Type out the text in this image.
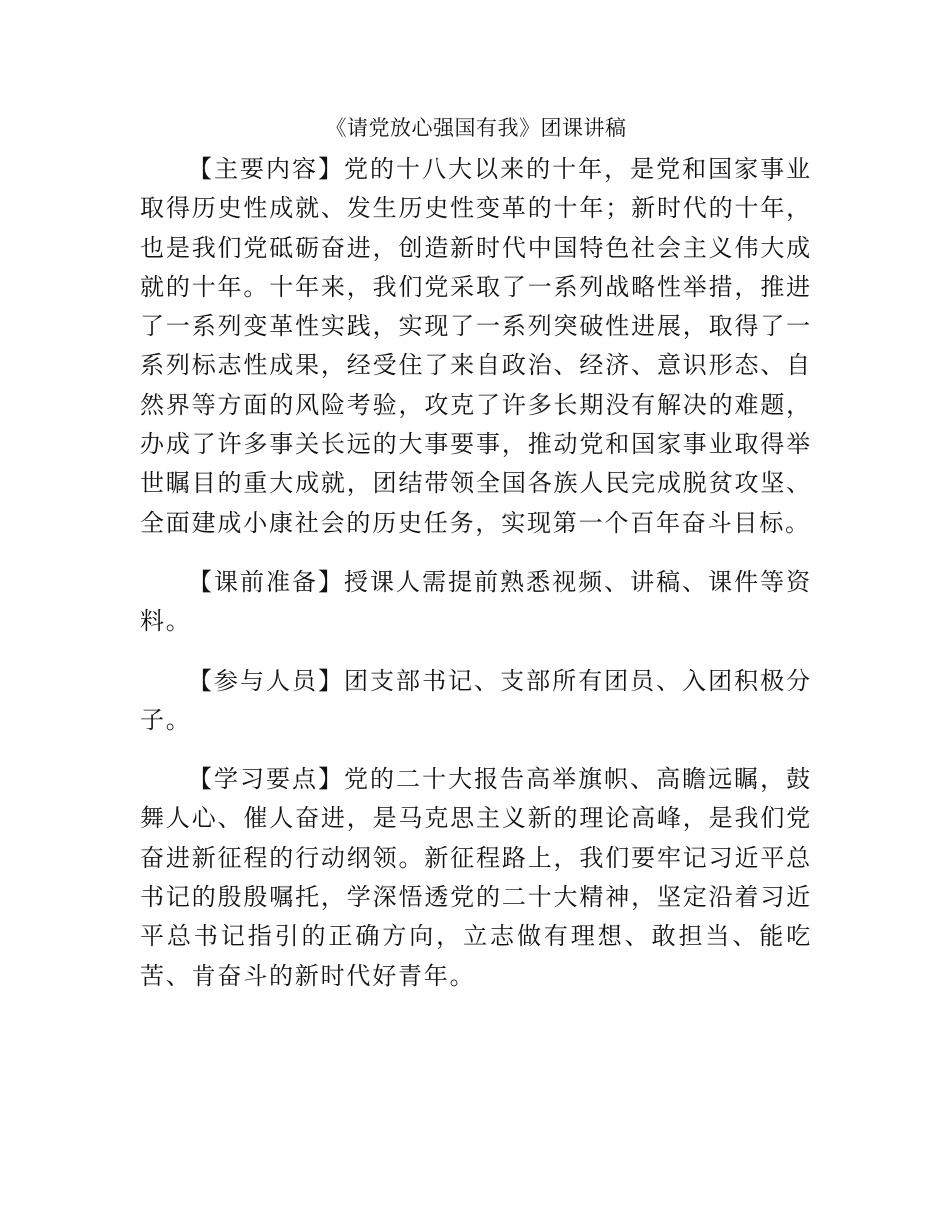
《请党放心强国有我》团课讲稿

【主要内容】党的十八大以来的十年，是党和国家事业取得历史性成就、发生历史性变革的十年；新时代的十年，也是我们党砥砺奋进，创造新时代中国特色社会主义伟大成就的十年。十年来，我们党采取了一系列战略性举措，推进了一系列变革性实践，实现了一系列突破性进展，取得了一系列标志性成果，经受住了来自政治、经济、意识形态、自然界等方面的风险考验，攻克了许多长期没有解决的难题，办成了许多事关长远的大事要事，推动党和国家事业取得举世瞩目的重大成就，团结带领全国各族人民完成脱贫攻坚、全面建成小康社会的历史任务，实现第一个百年奋斗目标。

【课前准备】授课人需提前熟悉视频、讲稿、课件等资料。

【参与人员】团支部书记、支部所有团员、入团积极分子。

【学习要点】党的二十大报告高举旗帜、高瞻远瞩，鼓舞人心、催人奋进，是马克思主义新的理论高峰，是我们党奋进新征程的行动纲领。新征程路上，我们要牢记习近平总书记的殷殷嘱托，学深悟透党的二十大精神，坚定沿着习近平总书记指引的正确方向，立志做有理想、敢担当、能吃苦、肯奋斗的新时代好青年。
